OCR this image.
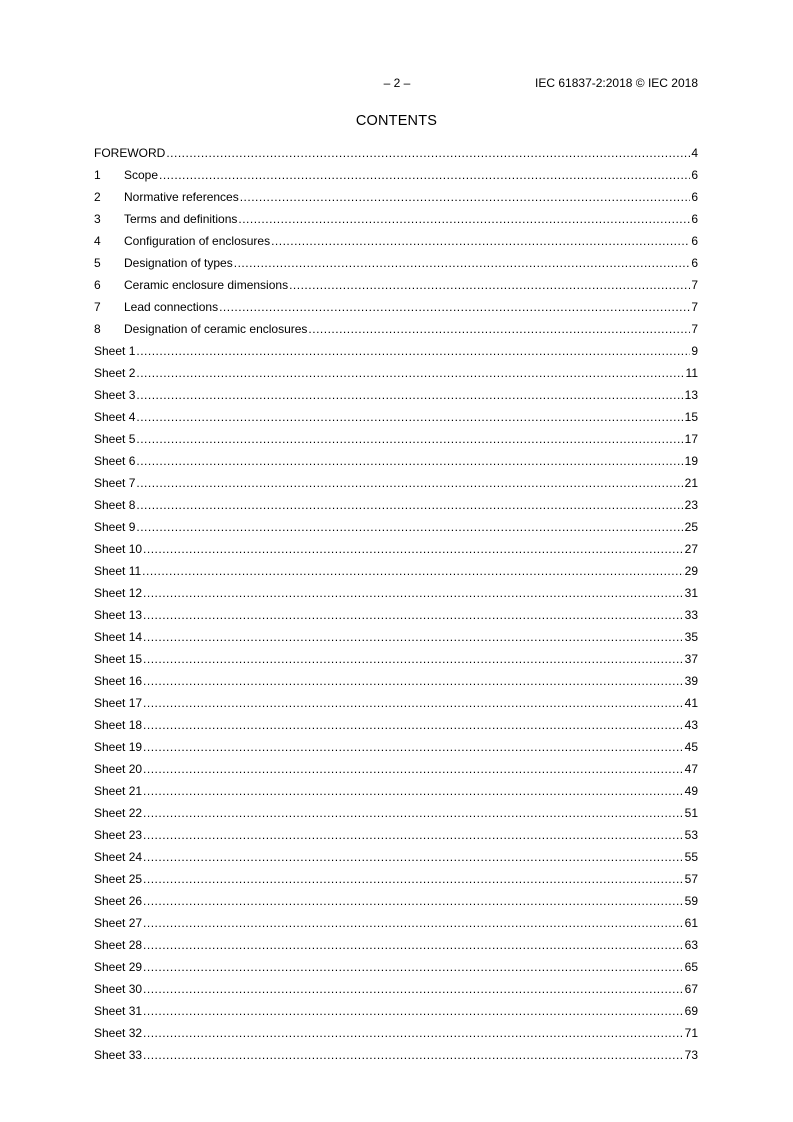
– 2 –	IEC 61837-2:2018 © IEC 2018
CONTENTS
FOREWORD .....	4
1	Scope .....	6
2	Normative references .....	6
3	Terms and definitions .....	6
4	Configuration of enclosures .....	6
5	Designation of types .....	6
6	Ceramic enclosure dimensions .....	7
7	Lead connections .....	7
8	Designation of ceramic enclosures .....	7
Sheet 1 .....	9
Sheet 2 .....	11
Sheet 3 .....	13
Sheet 4 .....	15
Sheet 5 .....	17
Sheet 6 .....	19
Sheet 7 .....	21
Sheet 8 .....	23
Sheet 9 .....	25
Sheet 10 .....	27
Sheet 11 .....	29
Sheet 12 .....	31
Sheet 13 .....	33
Sheet 14 .....	35
Sheet 15 .....	37
Sheet 16 .....	39
Sheet 17 .....	41
Sheet 18 .....	43
Sheet 19 .....	45
Sheet 20 .....	47
Sheet 21 .....	49
Sheet 22 .....	51
Sheet 23 .....	53
Sheet 24 .....	55
Sheet 25 .....	57
Sheet 26 .....	59
Sheet 27 .....	61
Sheet 28 .....	63
Sheet 29 .....	65
Sheet 30 .....	67
Sheet 31 .....	69
Sheet 32 .....	71
Sheet 33 .....	73
